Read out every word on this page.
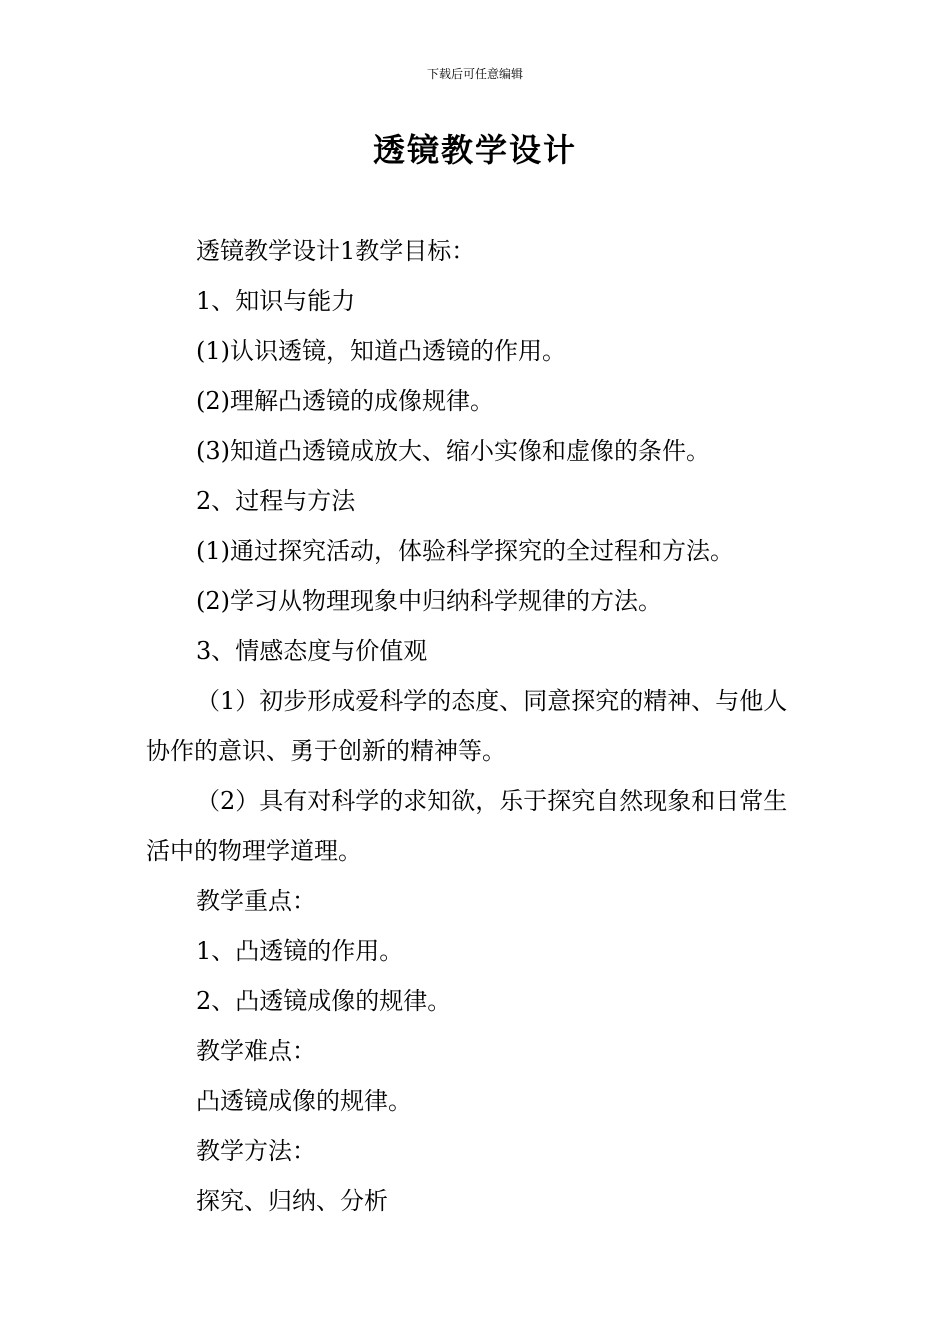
下载后可任意编辑
透镜教学设计

透镜教学设计1教学目标：

1、知识与能力

(1)认识透镜，知道凸透镜的作用。

(2)理解凸透镜的成像规律。

(3)知道凸透镜成放大、缩小实像和虚像的条件。

2、过程与方法

(1)通过探究活动，体验科学探究的全过程和方法。

(2)学习从物理现象中归纳科学规律的方法。

3、情感态度与价值观

（1）初步形成爱科学的态度、同意探究的精神、与他人协作的意识、勇于创新的精神等。

（2）具有对科学的求知欲，乐于探究自然现象和日常生活中的物理学道理。

教学重点：

1、凸透镜的作用。

2、凸透镜成像的规律。

教学难点：

凸透镜成像的规律。

教学方法：

探究、归纳、分析
